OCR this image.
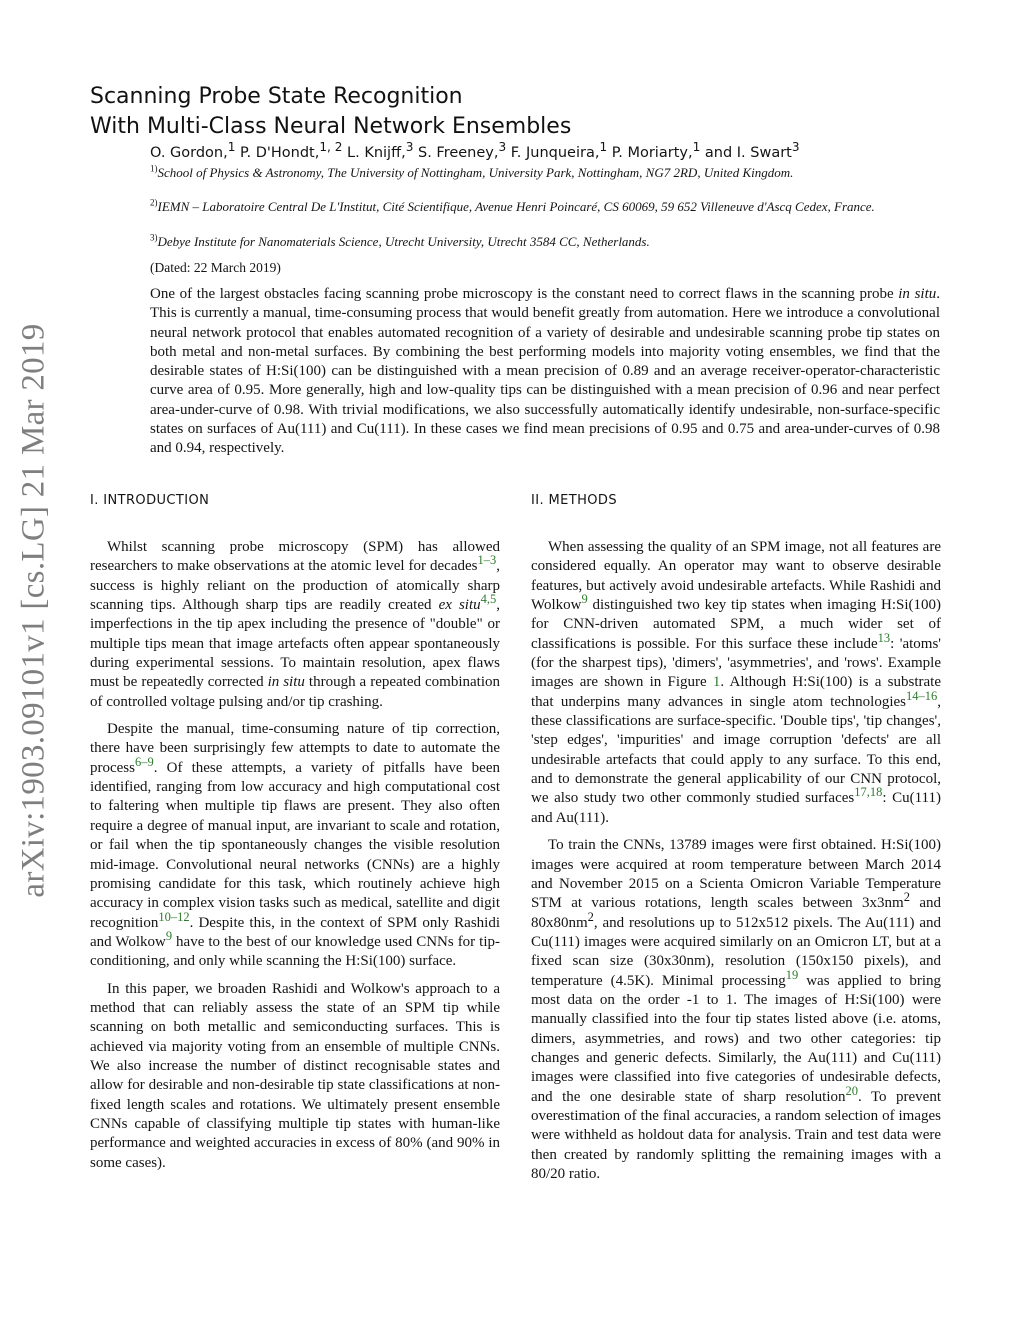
arXiv:1903.09101v1 [cs.LG] 21 Mar 2019
Scanning Probe State Recognition
With Multi-Class Neural Network Ensembles
O. Gordon,$^1$ P. D'Hondt,$^{1, 2}$ L. Knijff,$^3$ S. Freeney,$^3$ F. Junqueira,$^1$ P. Moriarty,$^1$ and I. Swart$^3$
$^{1)}$School of Physics & Astronomy, The University of Nottingham, University Park, Nottingham, NG7 2RD, United Kingdom.
$^{2)}$IEMN – Laboratoire Central De L'Institut, Cité Scientifique, Avenue Henri Poincaré, CS 60069, 59 652 Villeneuve d'Ascq Cedex, France.
$^{3)}$Debye Institute for Nanomaterials Science, Utrecht University, Utrecht 3584 CC, Netherlands.
(Dated: 22 March 2019)
One of the largest obstacles facing scanning probe microscopy is the constant need to correct flaws in the scanning probe in situ. This is currently a manual, time-consuming process that would benefit greatly from automation. Here we introduce a convolutional neural network protocol that enables automated recognition of a variety of desirable and undesirable scanning probe tip states on both metal and non-metal surfaces. By combining the best performing models into majority voting ensembles, we find that the desirable states of H:Si(100) can be distinguished with a mean precision of 0.89 and an average receiver-operator-characteristic curve area of 0.95. More generally, high and low-quality tips can be distinguished with a mean precision of 0.96 and near perfect area-under-curve of 0.98. With trivial modifications, we also successfully automatically identify undesirable, non-surface-specific states on surfaces of Au(111) and Cu(111). In these cases we find mean precisions of 0.95 and 0.75 and area-under-curves of 0.98 and 0.94, respectively.
I. INTRODUCTION	II. METHODS

Whilst scanning probe microscopy (SPM) has allowed researchers to make observations at the atomic level for decades$^{1-3}$, success is highly reliant on the production of atomically sharp scanning tips. Although sharp tips are readily created ex situ$^{4,5}$, imperfections in the tip apex including the presence of "double" or multiple tips mean that image artefacts often appear spontaneously during experimental sessions. To maintain resolution, apex flaws must be repeatedly corrected in situ through a repeated combination of controlled voltage pulsing and/or tip crashing.

Despite the manual, time-consuming nature of tip correction, there have been surprisingly few attempts to date to automate the process$^{6-9}$. Of these attempts, a variety of pitfalls have been identified, ranging from low accuracy and high computational cost to faltering when multiple tip flaws are present. They also often require a degree of manual input, are invariant to scale and rotation, or fail when the tip spontaneously changes the visible resolution mid-image. Convolutional neural networks (CNNs) are a highly promising candidate for this task, which routinely achieve high accuracy in complex vision tasks such as medical, satellite and digit recognition$^{10-12}$. Despite this, in the context of SPM only Rashidi and Wolkow$^9$ have to the best of our knowledge used CNNs for tip-conditioning, and only while scanning the H:Si(100) surface.

In this paper, we broaden Rashidi and Wolkow's approach to a method that can reliably assess the state of an SPM tip while scanning on both metallic and semiconducting surfaces. This is achieved via majority voting from an ensemble of multiple CNNs. We also increase the number of distinct recognisable states and allow for desirable and non-desirable tip state classifications at non-fixed length scales and rotations. We ultimately present ensemble CNNs capable of classifying multiple tip states with human-like performance and weighted accuracies in excess of 80% (and 90% in some cases).

When assessing the quality of an SPM image, not all features are considered equally. An operator may want to observe desirable features, but actively avoid undesirable artefacts. While Rashidi and Wolkow$^9$ distinguished two key tip states when imaging H:Si(100) for CNN-driven automated SPM, a much wider set of classifications is possible. For this surface these include$^{13}$: 'atoms' (for the sharpest tips), 'dimers', 'asymmetries', and 'rows'. Example images are shown in Figure 1. Although H:Si(100) is a substrate that underpins many advances in single atom technologies$^{14-16}$, these classifications are surface-specific. 'Double tips', 'tip changes', 'step edges', 'impurities' and image corruption 'defects' are all undesirable artefacts that could apply to any surface. To this end, and to demonstrate the general applicability of our CNN protocol, we also study two other commonly studied surfaces$^{17,18}$: Cu(111) and Au(111).

To train the CNNs, 13789 images were first obtained. H:Si(100) images were acquired at room temperature between March 2014 and November 2015 on a Scienta Omicron Variable Temperature STM at various rotations, length scales between $3x3nm^2$ and $80x80nm^2$, and resolutions up to 512x512 pixels. The Au(111) and Cu(111) images were acquired similarly on an Omicron LT, but at a fixed scan size (30x30nm), resolution (150x150 pixels), and temperature (4.5K). Minimal processing$^{19}$ was applied to bring most data on the order -1 to 1. The images of H:Si(100) were manually classified into the four tip states listed above (i.e. atoms, dimers, asymmetries, and rows) and two other categories: tip changes and generic defects. Similarly, the Au(111) and Cu(111) images were classified into five categories of undesirable defects, and the one desirable state of sharp resolution$^{20}$. To prevent overestimation of the final accuracies, a random selection of images were withheld as holdout data for analysis. Train and test data were then created by randomly splitting the remaining images with a 80/20 ratio.
